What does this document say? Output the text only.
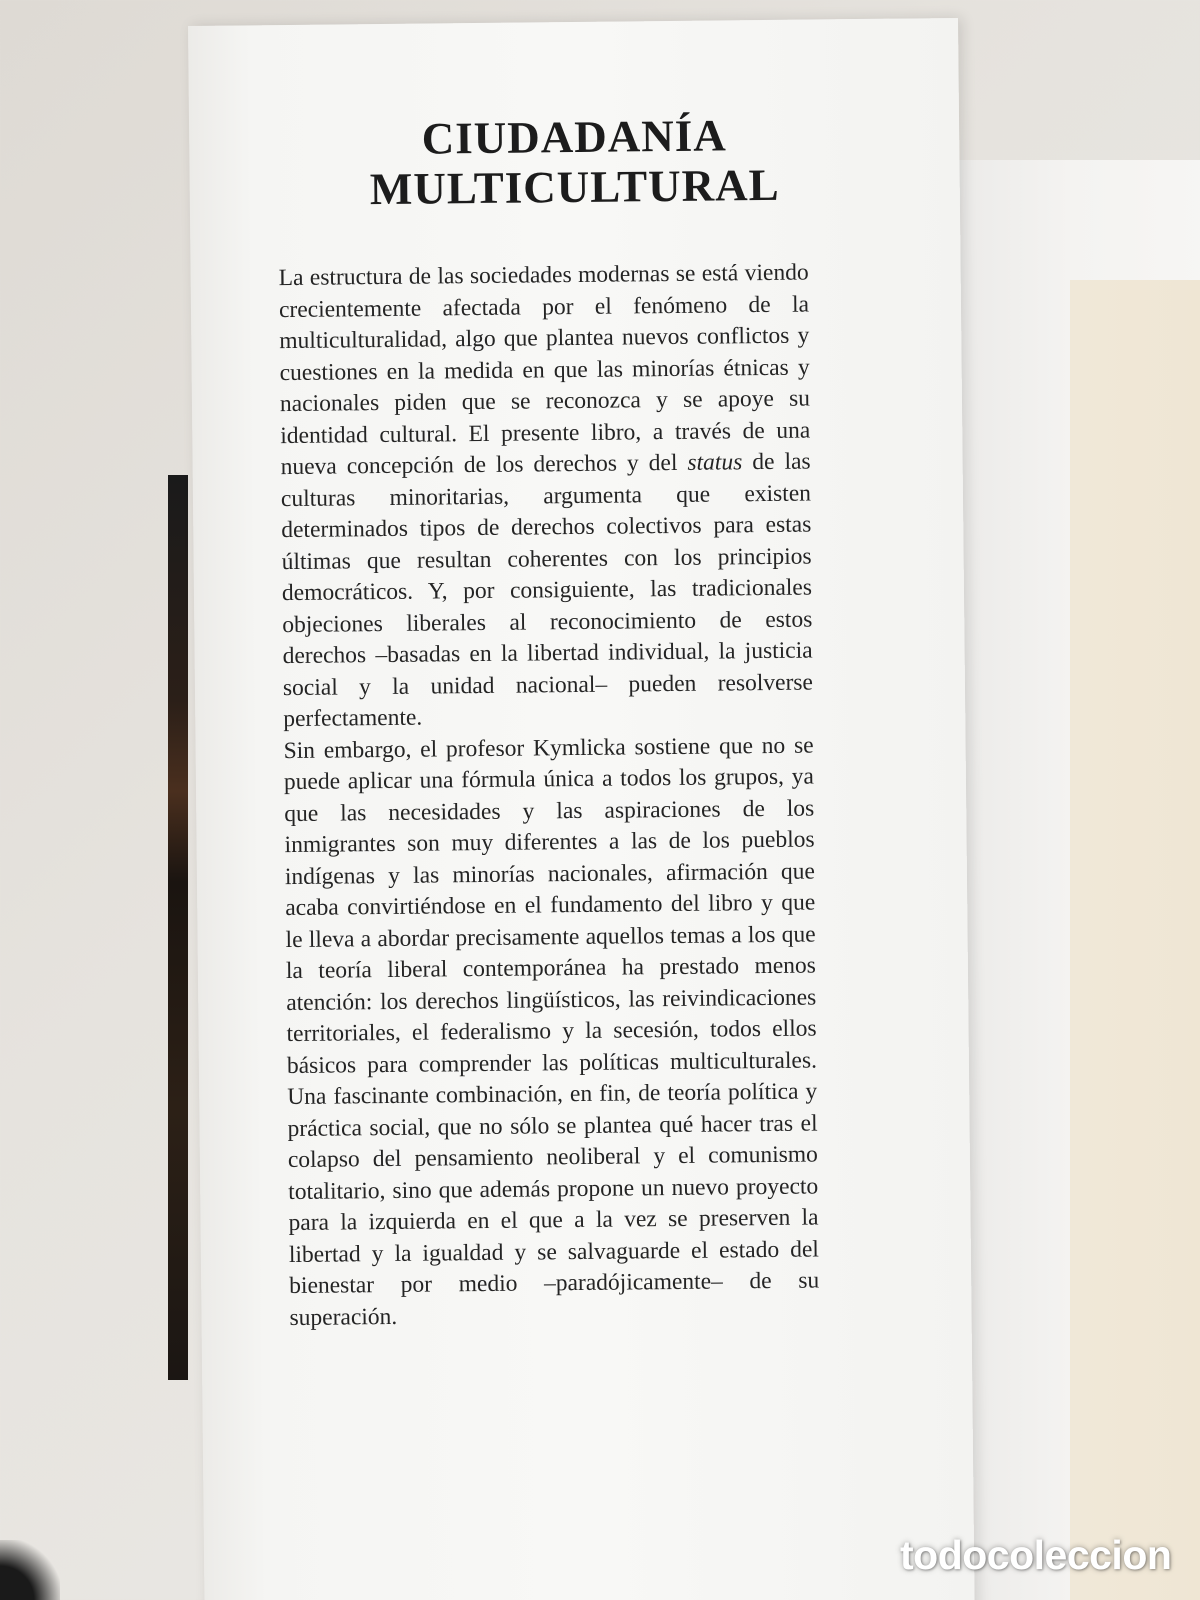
CIUDADANÍA
MULTICULTURAL

La estructura de las sociedades modernas se está viendo crecientemente afectada por el fenómeno de la multiculturalidad, algo que plantea nuevos conflictos y cuestiones en la medida en que las minorías étnicas y nacionales piden que se reconozca y se apoye su identidad cultural. El presente libro, a través de una nueva concepción de los derechos y del status de las culturas minoritarias, argumenta que existen determinados tipos de derechos colectivos para estas últimas que resultan coherentes con los principios democráticos. Y, por consiguiente, las tradicionales objeciones liberales al reconocimiento de estos derechos –basadas en la libertad individual, la justicia social y la unidad nacional– pueden resolverse perfectamente.

Sin embargo, el profesor Kymlicka sostiene que no se puede aplicar una fórmula única a todos los grupos, ya que las necesidades y las aspiraciones de los inmigrantes son muy diferentes a las de los pueblos indígenas y las minorías nacionales, afirmación que acaba convirtiéndose en el fundamento del libro y que le lleva a abordar precisamente aquellos temas a los que la teoría liberal contemporánea ha prestado menos atención: los derechos lingüísticos, las reivindicaciones territoriales, el federalismo y la secesión, todos ellos básicos para comprender las políticas multiculturales. Una fascinante combinación, en fin, de teoría política y práctica social, que no sólo se plantea qué hacer tras el colapso del pensamiento neoliberal y el comunismo totalitario, sino que además propone un nuevo proyecto para la izquierda en el que a la vez se preserven la libertad y la igualdad y se salvaguarde el estado del bienestar por medio –paradójicamente– de su superación.

todocoleccion
